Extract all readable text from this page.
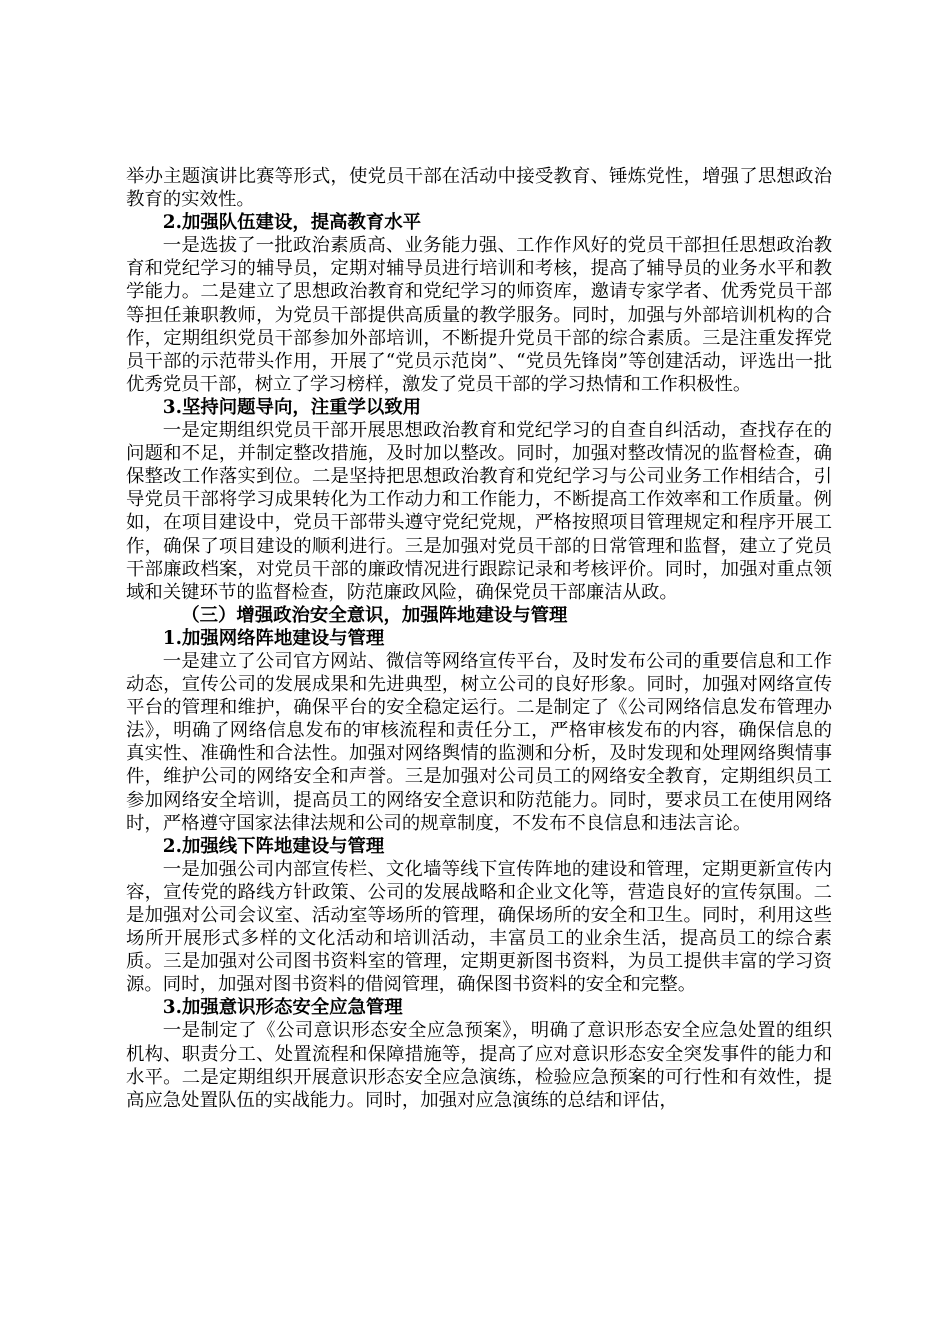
举办主题演讲比赛等形式，使党员干部在活动中接受教育、锤炼党性，增强了思想政治教育的实效性。

2.加强队伍建设，提高教育水平

一是选拔了一批政治素质高、业务能力强、工作作风好的党员干部担任思想政治教育和党纪学习的辅导员，定期对辅导员进行培训和考核，提高了辅导员的业务水平和教学能力。二是建立了思想政治教育和党纪学习的师资库，邀请专家学者、优秀党员干部等担任兼职教师，为党员干部提供高质量的教学服务。同时，加强与外部培训机构的合作，定期组织党员干部参加外部培训，不断提升党员干部的综合素质。三是注重发挥党员干部的示范带头作用，开展了“党员示范岗”、“党员先锋岗”等创建活动，评选出一批优秀党员干部，树立了学习榜样，激发了党员干部的学习热情和工作积极性。

3.坚持问题导向，注重学以致用

一是定期组织党员干部开展思想政治教育和党纪学习的自查自纠活动，查找存在的问题和不足，并制定整改措施，及时加以整改。同时，加强对整改情况的监督检查，确保整改工作落实到位。二是坚持把思想政治教育和党纪学习与公司业务工作相结合，引导党员干部将学习成果转化为工作动力和工作能力，不断提高工作效率和工作质量。例如，在项目建设中，党员干部带头遵守党纪党规，严格按照项目管理规定和程序开展工作，确保了项目建设的顺利进行。三是加强对党员干部的日常管理和监督，建立了党员干部廉政档案，对党员干部的廉政情况进行跟踪记录和考核评价。同时，加强对重点领域和关键环节的监督检查，防范廉政风险，确保党员干部廉洁从政。

（三）增强政治安全意识，加强阵地建设与管理

1.加强网络阵地建设与管理

一是建立了公司官方网站、微信等网络宣传平台，及时发布公司的重要信息和工作动态，宣传公司的发展成果和先进典型，树立公司的良好形象。同时，加强对网络宣传平台的管理和维护，确保平台的安全稳定运行。二是制定了《公司网络信息发布管理办法》，明确了网络信息发布的审核流程和责任分工，严格审核发布的内容，确保信息的真实性、准确性和合法性。加强对网络舆情的监测和分析，及时发现和处理网络舆情事件，维护公司的网络安全和声誉。三是加强对公司员工的网络安全教育，定期组织员工参加网络安全培训，提高员工的网络安全意识和防范能力。同时，要求员工在使用网络时，严格遵守国家法律法规和公司的规章制度，不发布不良信息和违法言论。

2.加强线下阵地建设与管理

一是加强公司内部宣传栏、文化墙等线下宣传阵地的建设和管理，定期更新宣传内容，宣传党的路线方针政策、公司的发展战略和企业文化等，营造良好的宣传氛围。二是加强对公司会议室、活动室等场所的管理，确保场所的安全和卫生。同时，利用这些场所开展形式多样的文化活动和培训活动，丰富员工的业余生活，提高员工的综合素质。三是加强对公司图书资料室的管理，定期更新图书资料，为员工提供丰富的学习资源。同时，加强对图书资料的借阅管理，确保图书资料的安全和完整。

3.加强意识形态安全应急管理

一是制定了《公司意识形态安全应急预案》，明确了意识形态安全应急处置的组织机构、职责分工、处置流程和保障措施等，提高了应对意识形态安全突发事件的能力和水平。二是定期组织开展意识形态安全应急演练，检验应急预案的可行性和有效性，提高应急处置队伍的实战能力。同时，加强对应急演练的总结和评估，
